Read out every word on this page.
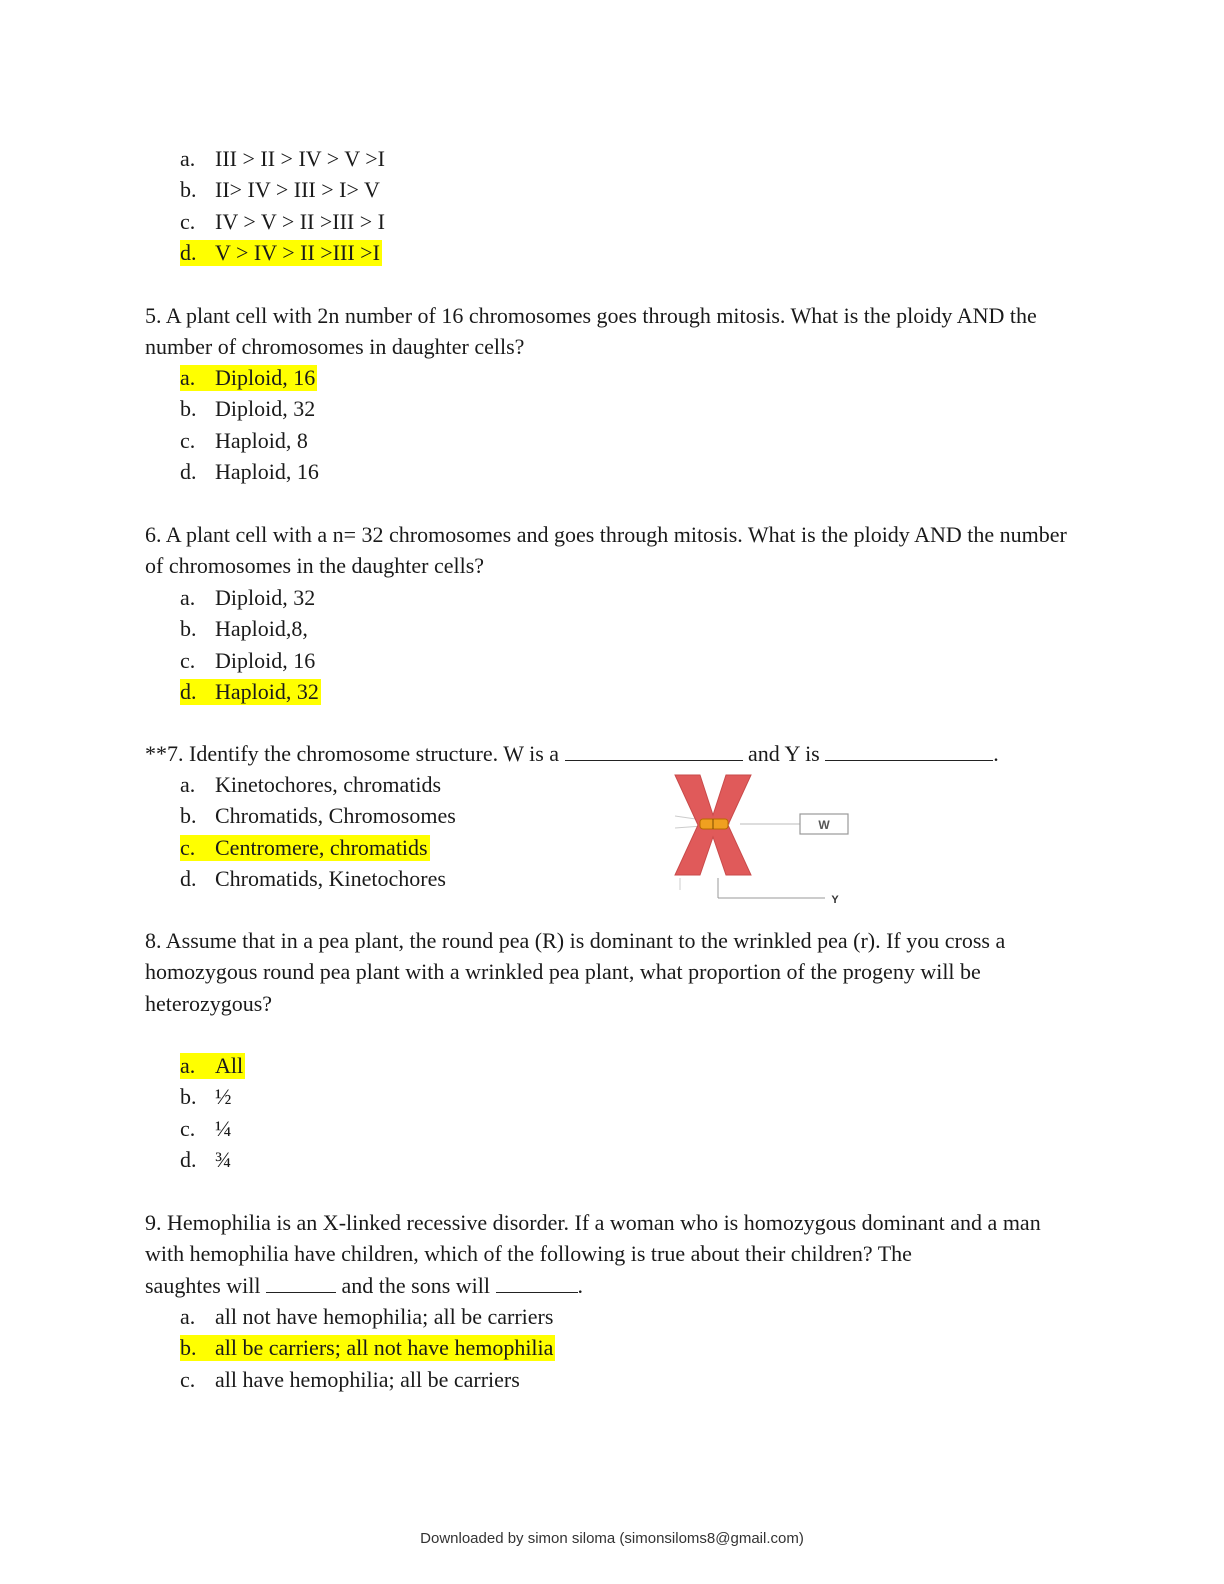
a. III > II > IV > V >I
b. II> IV > III > I> V
c. IV > V > II >III > I
d. V > IV > II >III >I

5. A plant cell with 2n number of 16 chromosomes goes through mitosis. What is the ploidy AND the number of chromosomes in daughter cells?

a. Diploid, 16
b. Diploid, 32
c. Haploid, 8
d. Haploid, 16

6. A plant cell with a n= 32 chromosomes and goes through mitosis. What is the ploidy AND the number of chromosomes in the daughter cells?

a. Diploid, 32
b. Haploid,8,
c. Diploid, 16
d. Haploid, 32

**7. Identify the chromosome structure. W is a	and Y is	.

a. Kinetochores, chromatids
b. Chromatids, Chromosomes
c. Centromere, chromatids
d. Chromatids, Kinetochores
W
Y

8. Assume that in a pea plant, the round pea (R) is dominant to the wrinkled pea (r). If you cross a homozygous round pea plant with a wrinkled pea plant, what proportion of the progeny will be heterozygous?

a. All
b. ½
c. ¼
d. ¾
9. Hemophilia is an X-linked recessive disorder. If a woman who is homozygous dominant and a man with hemophilia have children, which of the following is true about their children? The
saughtes will	and the sons will	.
a. all not have hemophilia; all be carriers
b. all be carriers; all not have hemophilia
c. all have hemophilia; all be carriers
Downloaded by simon siloma (simonsiloms8@gmail.com)
